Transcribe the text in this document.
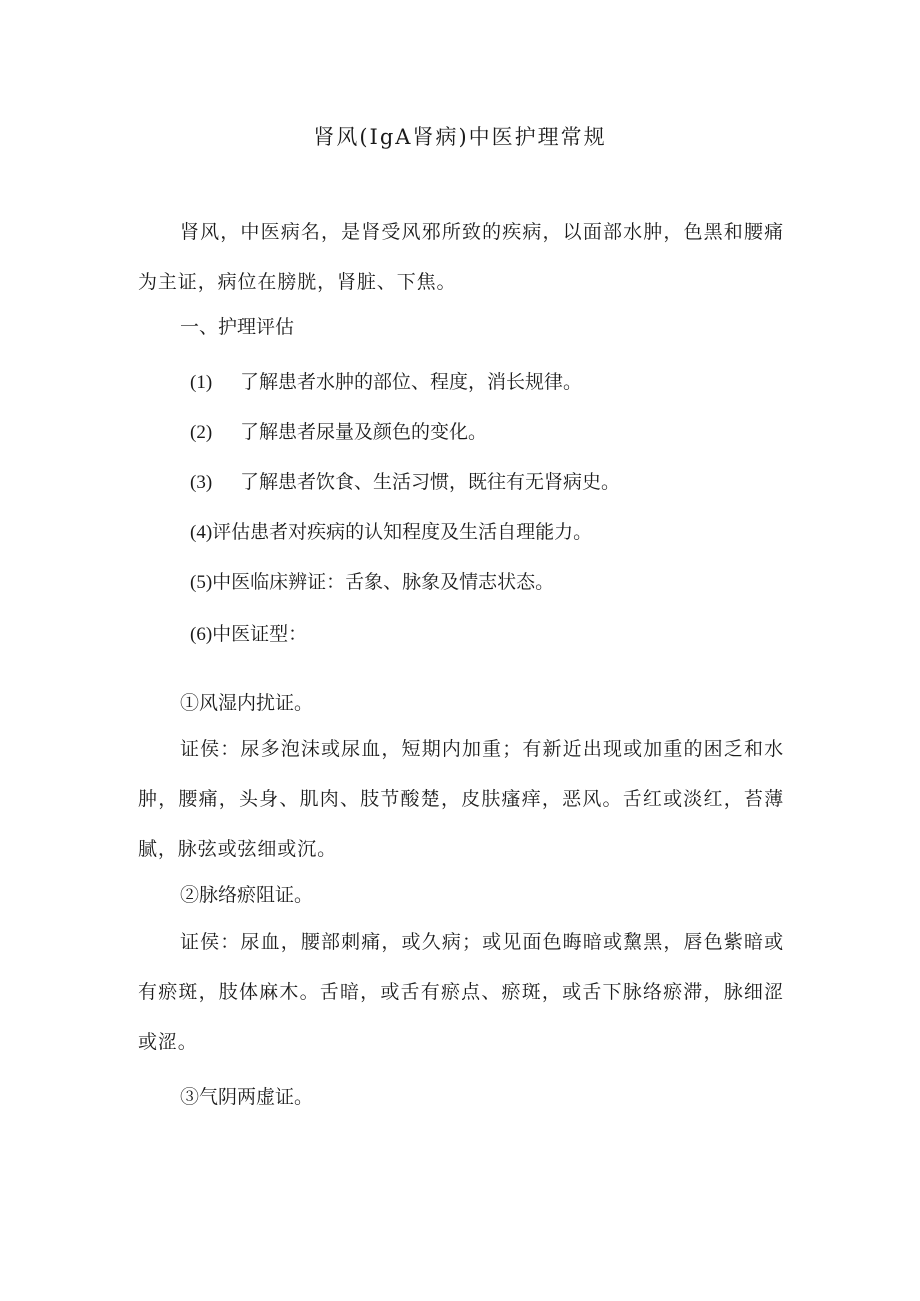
肾风(IgA肾病)中医护理常规
肾风，中医病名，是肾受风邪所致的疾病，以面部水肿，色黑和腰痛为主证，病位在膀胱，肾脏、下焦。
一、护理评估
(1) 了解患者水肿的部位、程度，消长规律。
(2) 了解患者尿量及颜色的变化。
(3) 了解患者饮食、生活习惯，既往有无肾病史。
(4)评估患者对疾病的认知程度及生活自理能力。
(5)中医临床辨证：舌象、脉象及情志状态。
(6)中医证型：
①风湿内扰证。
证侯：尿多泡沫或尿血，短期内加重；有新近出现或加重的困乏和水肿，腰痛，头身、肌肉、肢节酸楚，皮肤瘙痒，恶风。舌红或淡红，苔薄腻，脉弦或弦细或沉。
②脉络瘀阻证。
证侯：尿血，腰部刺痛，或久病；或见面色晦暗或黧黑，唇色紫暗或有瘀斑，肢体麻木。舌暗，或舌有瘀点、瘀斑，或舌下脉络瘀滞，脉细涩或涩。
③气阴两虚证。
